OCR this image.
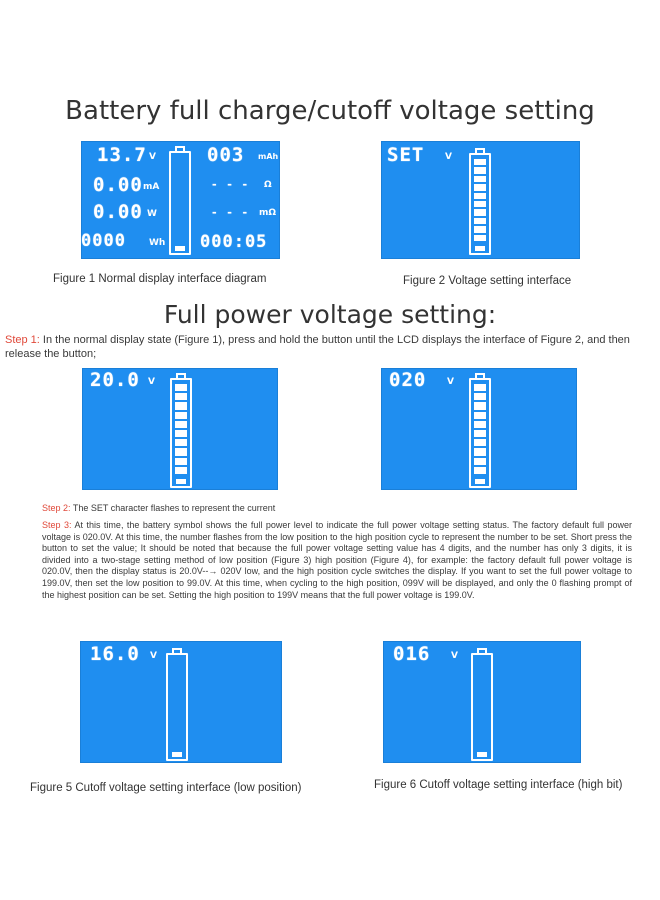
Battery full charge/cutoff voltage setting
Full power voltage setting:
13.7 V
0.00 mA
0.00 W
0000	Wh
003 mAh
- - - Ω
- - - mΩ
000:05

Figure 1 Normal display interface diagram

SET V

Figure 2 Voltage setting interface

Step 1: In the normal display state (Figure 1), press and hold the button until the LCD displays the interface of Figure 2, and then release the button;

20.0 V	020 V

Step 2: The SET character flashes to represent the current

Step 3: At this time, the battery symbol shows the full power level to indicate the full power voltage setting status. The factory default full power voltage is 020.0V. At this time, the number flashes from the low position to the high position cycle to represent the number to be set. Short press the button to set the value; It should be noted that because the full power voltage setting value has 4 digits, and the number has only 3 digits, it is divided into a two-stage setting method of low position (Figure 3) high position (Figure 4), for example: the factory default full power voltage is 020.0V, then the display status is 20.0V--→ 020V low, and the high position cycle switches the display. If you want to set the full power voltage to 199.0V, then set the low position to 99.0V. At this time, when cycling to the high position, 099V will be displayed, and only the 0 flashing prompt of the highest position can be set. Setting the high position to 199V means that the full power voltage is 199.0V.

16.0 V

Figure 5 Cutoff voltage setting interface (low position)

016 V

Figure 6 Cutoff voltage setting interface (high bit)
